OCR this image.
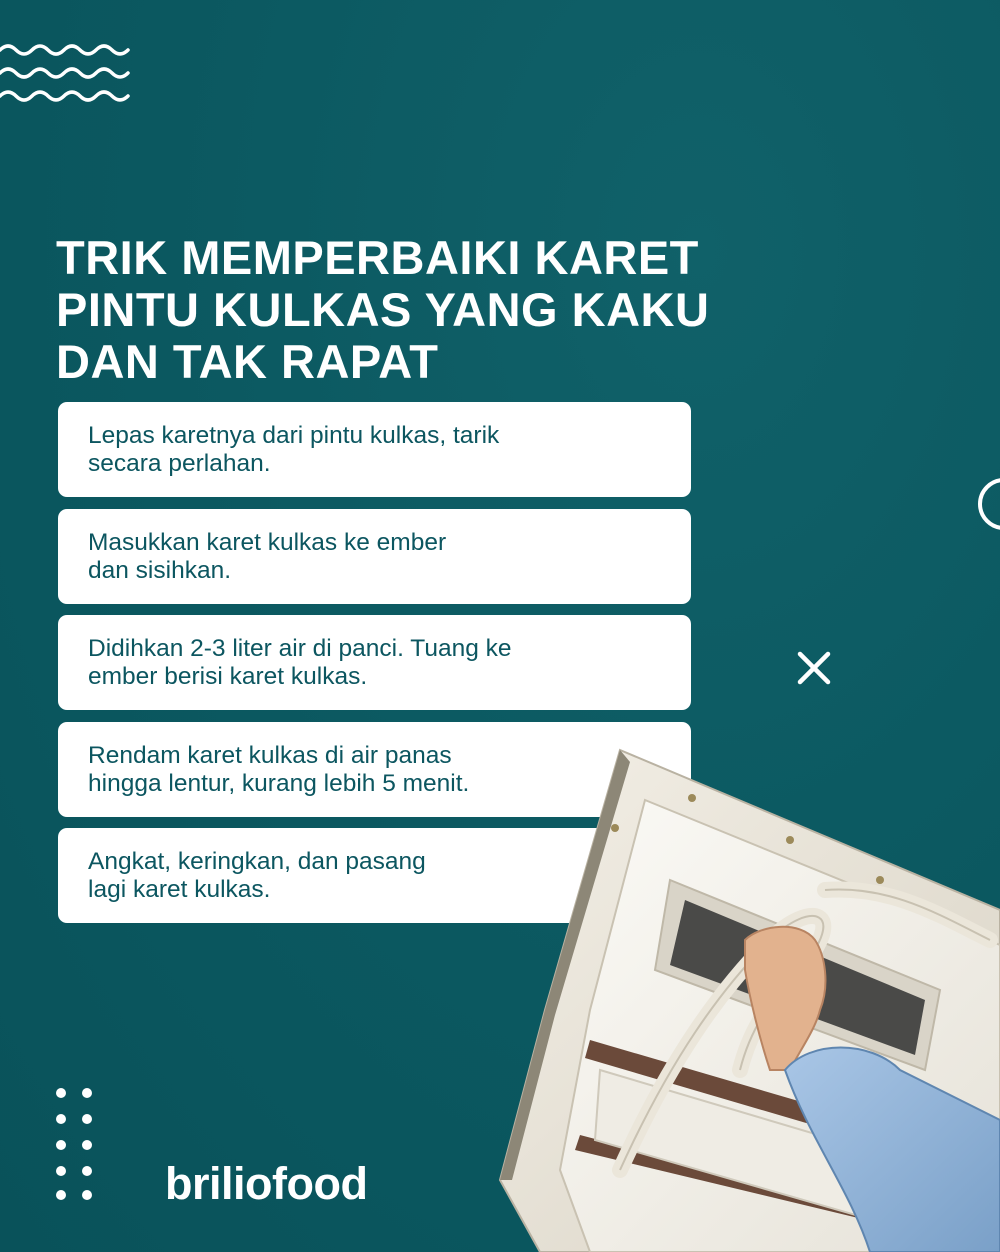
TRIK MEMPERBAIKI KARET
PINTU KULKAS YANG KAKU
DAN TAK RAPAT
Lepas karetnya dari pintu kulkas, tarik
secara perlahan.
Masukkan karet kulkas ke ember
dan sisihkan.
Didihkan 2-3 liter air di panci. Tuang ke
ember berisi karet kulkas.
Rendam karet kulkas di air panas
hingga lentur, kurang lebih 5 menit.
Angkat, keringkan, dan pasang
lagi karet kulkas.
briliofood
